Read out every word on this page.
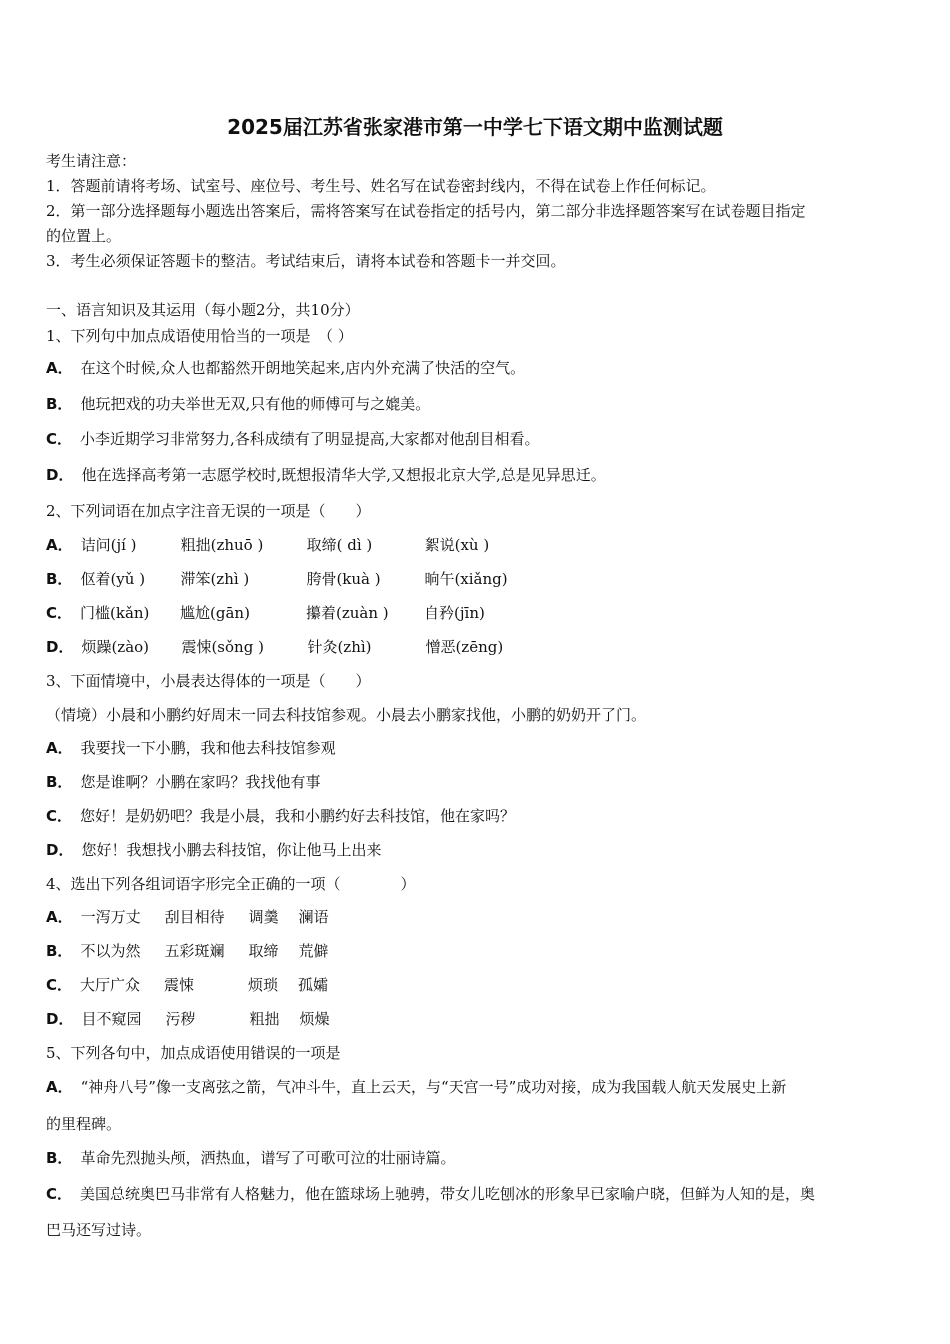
2025届江苏省张家港市第一中学七下语文期中监测试题
考生请注意：
1．答题前请将考场、试室号、座位号、考生号、姓名写在试卷密封线内，不得在试卷上作任何标记。
2．第一部分选择题每小题选出答案后，需将答案写在试卷指定的括号内，第二部分非选择题答案写在试卷题目指定
的位置上。
3．考生必须保证答题卡的整洁。考试结束后，请将本试卷和答题卡一并交回。
一、语言知识及其运用（每小题2分，共10分）
1、下列句中加点成语使用恰当的一项是　（ ）
A． 在这个时候,众人也都豁然开朗地笑起来,店内外充满了快活的空气。
B． 他玩把戏的功夫举世无双,只有他的师傅可与之媲美。
C． 小李近期学习非常努力,各科成绩有了明显提高,大家都对他刮目相看。
D． 他在选择高考第一志愿学校时,既想报清华大学,又想报北京大学,总是见异思迁。
2、下列词语在加点字注音无误的一项是（　　）
A． 诘问(jí )	粗拙(zhuō )	取缔( dì )	絮说(xù )
B． 伛着(yǔ ) 滞笨(zhì )	胯骨(kuà )	晌午(xiǎng)
C． 门槛(kǎn) 尴尬(gān)	攥着(zuàn ) 自矜(jīn)
D． 烦躁(zào) 震悚(sǒng )	针灸(zhì)	憎恶(zēng)
3、下面情境中，小晨表达得体的一项是（　　）
（情境）小晨和小鹏约好周末一同去科技馆参观。小晨去小鹏家找他，小鹏的奶奶开了门。
A． 我要找一下小鹏，我和他去科技馆参观
B． 您是谁啊？小鹏在家吗？我找他有事
C． 您好！是奶奶吧？我是小晨，我和小鹏约好去科技馆，他在家吗？
D． 您好！我想找小鹏去科技馆，你让他马上出来
4、选出下列各组词语字形完全正确的一项（　　　　）
A． 一泻万丈 刮目相待 调羹 澜语
B． 不以为然 五彩斑斓 取缔 荒僻
C． 大厅广众 震悚	烦琐 孤孀
D． 目不窥园 污秽	粗拙 烦燥
5、下列各句中，加点成语使用错误的一项是
A． “神舟八号”像一支离弦之箭，气冲斗牛，直上云天，与“天宫一号”成功对接，成为我国载人航天发展史上新
的里程碑。
B． 革命先烈抛头颅，洒热血，谱写了可歌可泣的壮丽诗篇。
C． 美国总统奥巴马非常有人格魅力，他在篮球场上驰骋，带女儿吃刨冰的形象早已家喻户晓，但鲜为人知的是，奥
巴马还写过诗。
